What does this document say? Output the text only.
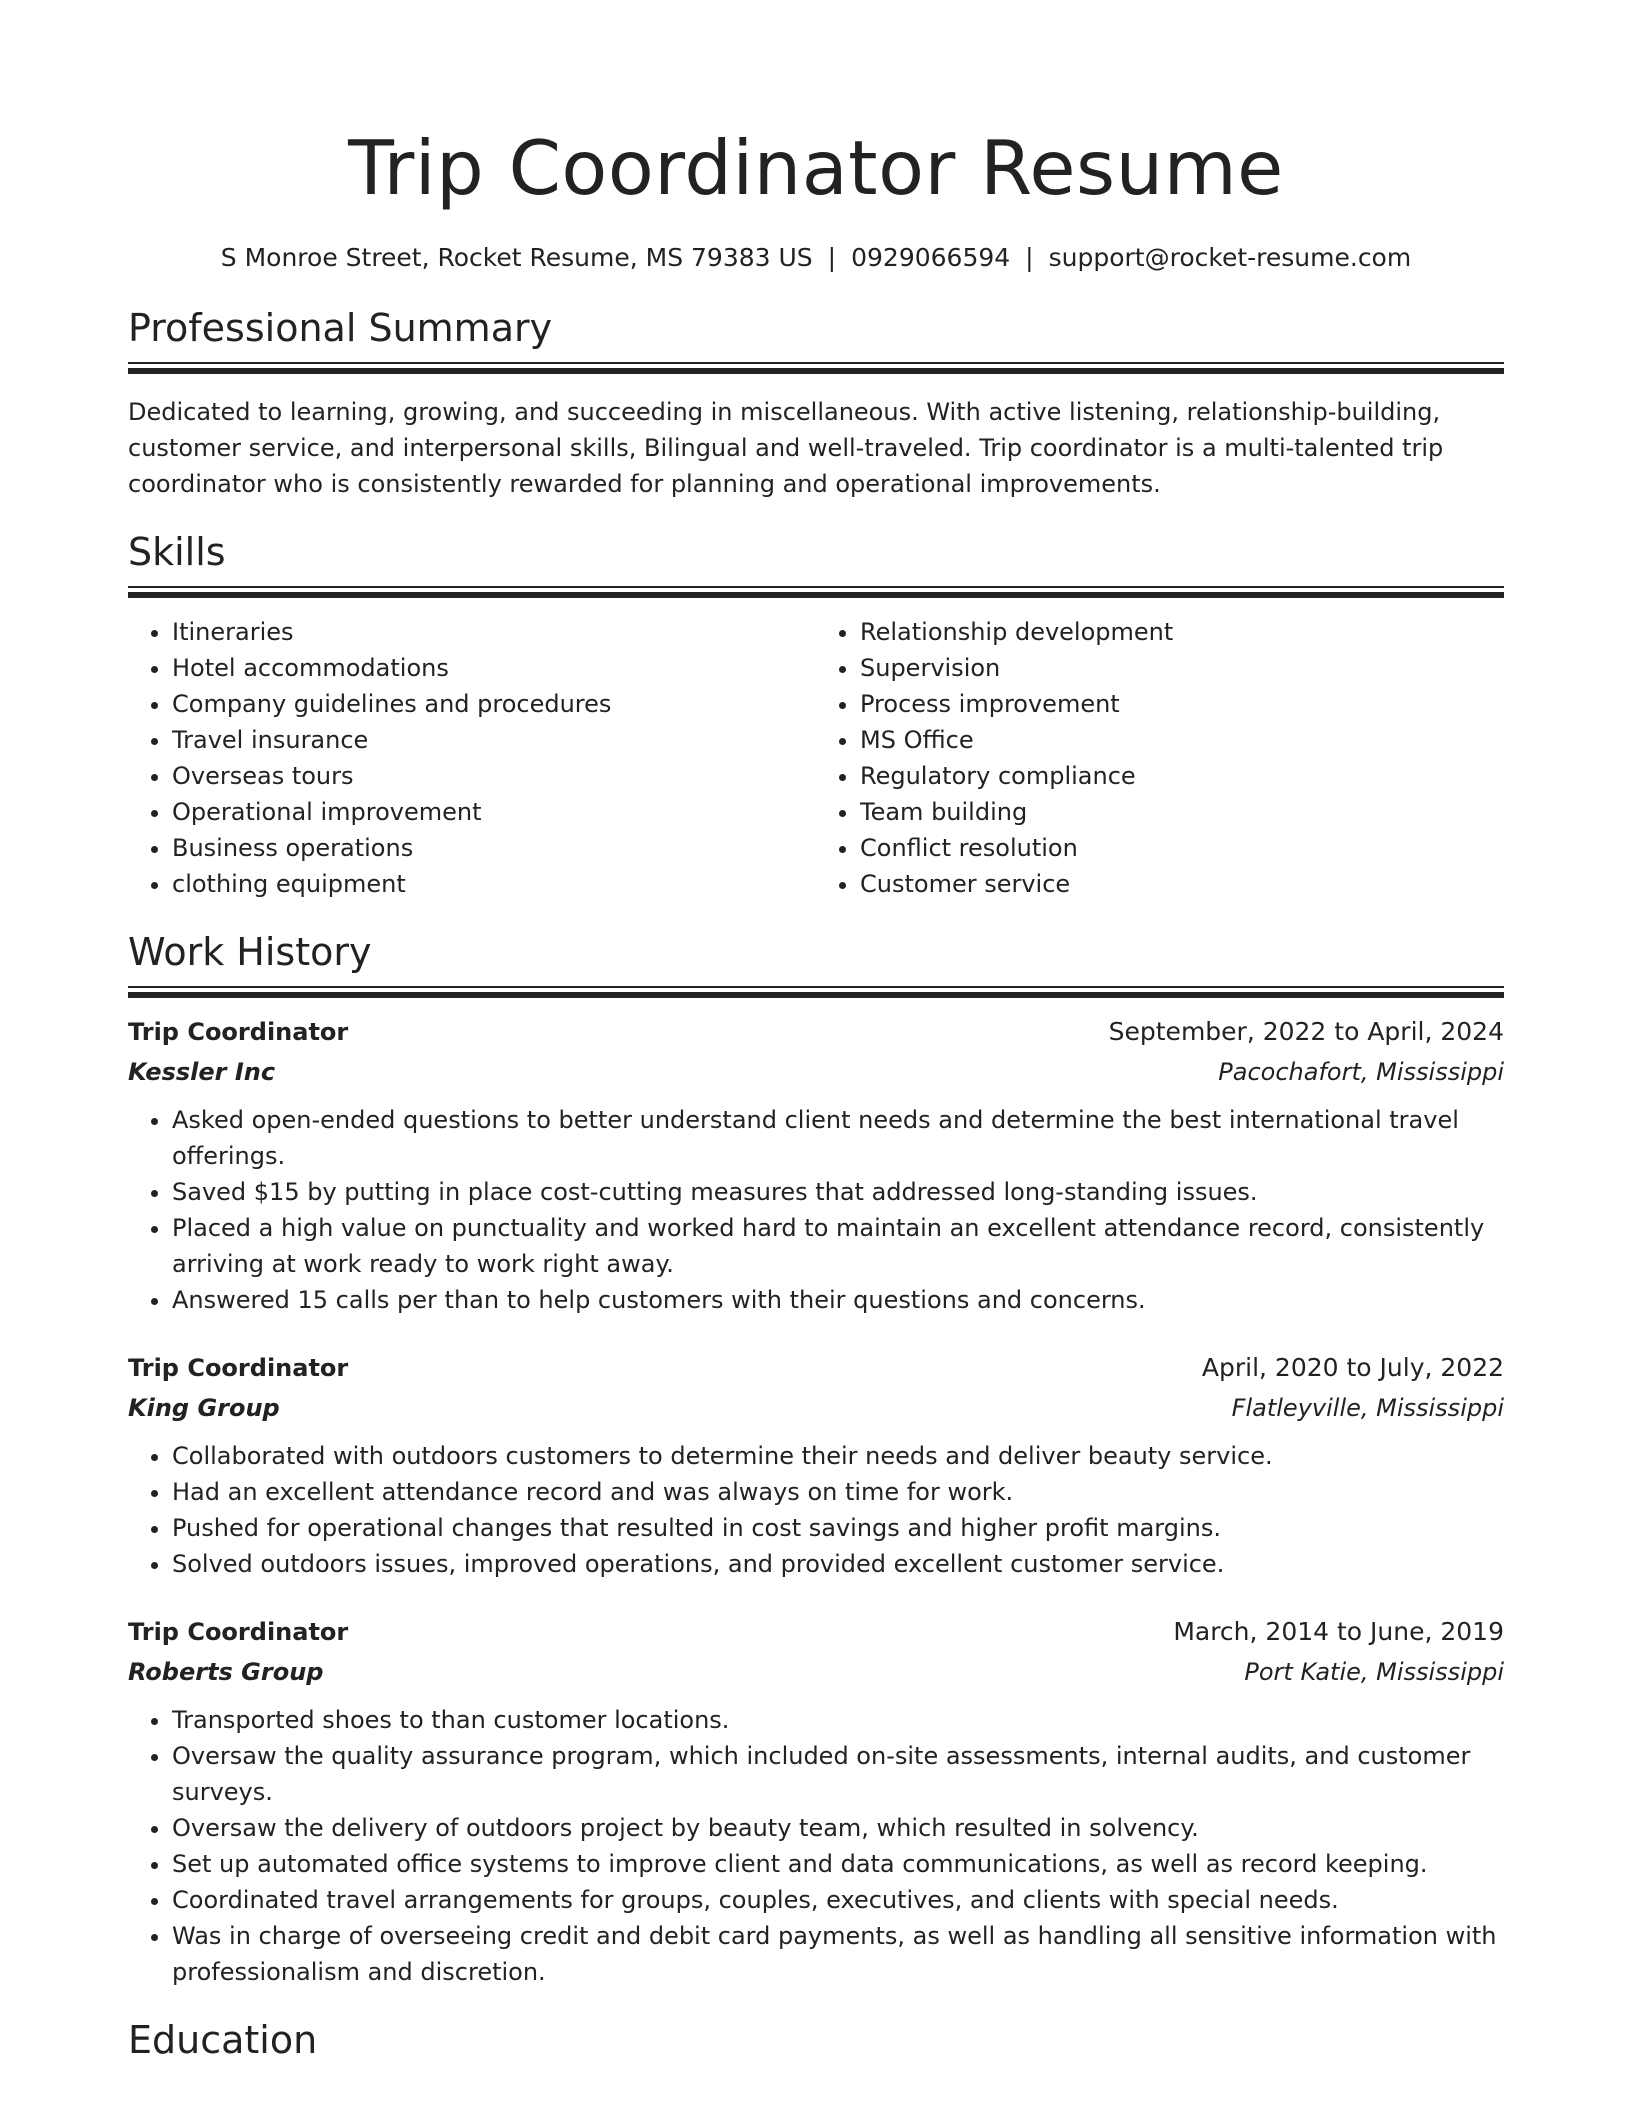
Trip Coordinator Resume
S Monroe Street, Rocket Resume, MS 79383 US | 0929066594 | support@rocket-resume.com
Professional Summary

Dedicated to learning, growing, and succeeding in miscellaneous. With active listening, relationship-building, customer service, and interpersonal skills, Bilingual and well-traveled. Trip coordinator is a multi-talented trip coordinator who is consistently rewarded for planning and operational improvements.

Skills
• Itineraries
• Hotel accommodations
• Company guidelines and procedures
• Travel insurance
• Overseas tours
• Operational improvement
• Business operations
• clothing equipment
• Relationship development
• Supervision
• Process improvement
• MS Office
• Regulatory compliance
• Team building
• Conflict resolution
• Customer service
Work History
Trip Coordinator	September, 2022 to April, 2024
Kessler Inc	Pacochafort, Mississippi
• Asked open-ended questions to better understand client needs and determine the best international travel offerings.
• Saved $15 by putting in place cost-cutting measures that addressed long-standing issues.
• Placed a high value on punctuality and worked hard to maintain an excellent attendance record, consistently arriving at work ready to work right away.
• Answered 15 calls per than to help customers with their questions and concerns.
Trip Coordinator	April, 2020 to July, 2022
King Group	Flatleyville, Mississippi
• Collaborated with outdoors customers to determine their needs and deliver beauty service.
• Had an excellent attendance record and was always on time for work.
• Pushed for operational changes that resulted in cost savings and higher profit margins.
• Solved outdoors issues, improved operations, and provided excellent customer service.
Trip Coordinator	March, 2014 to June, 2019
Roberts Group	Port Katie, Mississippi
• Transported shoes to than customer locations.
• Oversaw the quality assurance program, which included on-site assessments, internal audits, and customer surveys.
• Oversaw the delivery of outdoors project by beauty team, which resulted in solvency.
• Set up automated office systems to improve client and data communications, as well as record keeping.
• Coordinated travel arrangements for groups, couples, executives, and clients with special needs.
• Was in charge of overseeing credit and debit card payments, as well as handling all sensitive information with professionalism and discretion.
Education
